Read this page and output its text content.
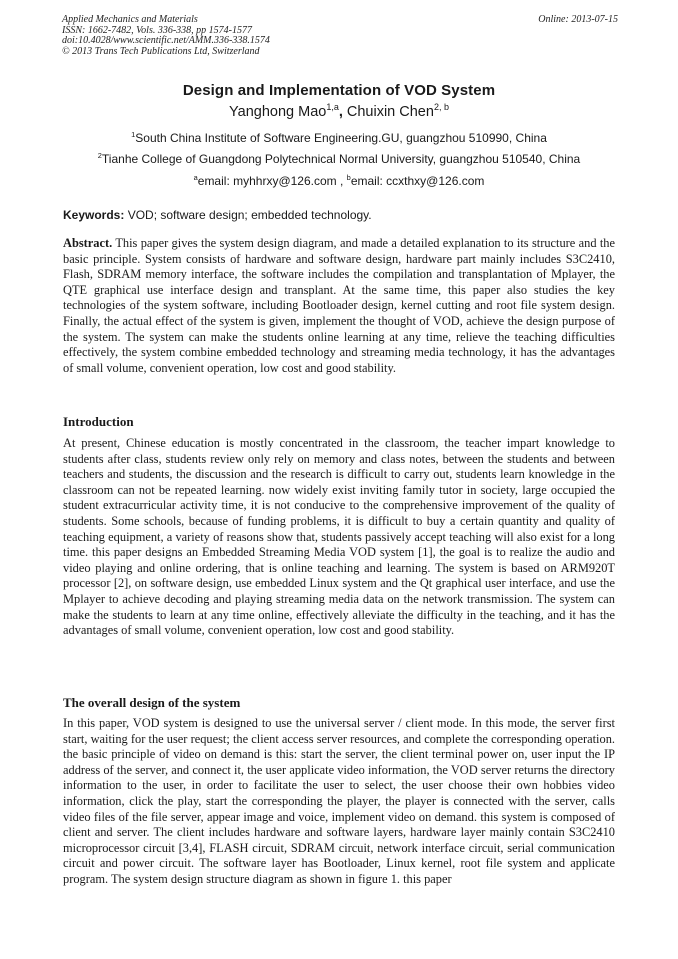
Applied Mechanics and Materials
ISSN: 1662-7482, Vols. 336-338, pp 1574-1577
doi:10.4028/www.scientific.net/AMM.336-338.1574
© 2013 Trans Tech Publications Ltd, Switzerland
Online: 2013-07-15
Design and Implementation of VOD System
Yanghong Mao$^{1,a}$, Chuixin Chen$^{2, b}$
$^1$South China Institute of Software Engineering.GU, guangzhou 510990, China
$^2$Tianhe College of Guangdong Polytechnical Normal University, guangzhou 510540, China
$^a$email: myhhrxy@126.com , $^b$email: ccxthxy@126.com
Keywords: VOD; software design; embedded technology.

Abstract. This paper gives the system design diagram, and made a detailed explanation to its structure and the basic principle. System consists of hardware and software design, hardware part mainly includes S3C2410, Flash, SDRAM memory interface, the software includes the compilation and transplantation of Mplayer, the QTE graphical use interface design and transplant. At the same time, this paper also studies the key technologies of the system software, including Bootloader design, kernel cutting and root file system design. Finally, the actual effect of the system is given, implement the thought of VOD, achieve the design purpose of the system. The system can make the students online learning at any time, relieve the teaching difficulties effectively, the system combine embedded technology and streaming media technology, it has the advantages of small volume, convenient operation, low cost and good stability.

Introduction

At present, Chinese education is mostly concentrated in the classroom, the teacher impart knowledge to students after class, students review only rely on memory and class notes, between the students and between teachers and students, the discussion and the research is difficult to carry out, students learn knowledge in the classroom can not be repeated learning. now widely exist inviting family tutor in society, large occupied the student extracurricular activity time, it is not conducive to the comprehensive improvement of the quality of students. Some schools, because of funding problems, it is difficult to buy a certain quantity and quality of teaching equipment, a variety of reasons show that, students passively accept teaching will also exist for a long time. this paper designs an Embedded Streaming Media VOD system [1], the goal is to realize the audio and video playing and online ordering, that is online teaching and learning. The system is based on ARM920T processor [2], on software design, use embedded Linux system and the Qt graphical user interface, and use the Mplayer to achieve decoding and playing streaming media data on the network transmission. The system can make the students to learn at any time online, effectively alleviate the difficulty in the teaching, and it has the advantages of small volume, convenient operation, low cost and good stability.

The overall design of the system

In this paper, VOD system is designed to use the universal server / client mode. In this mode, the server first start, waiting for the user request; the client access server resources, and complete the corresponding operation. the basic principle of video on demand is this: start the server, the client terminal power on, user input the IP address of the server, and connect it, the user applicate video information, the VOD server returns the directory information to the user, in order to facilitate the user to select, the user choose their own hobbies video information, click the play, start the corresponding the player, the player is connected with the server, calls video files of the file server, appear image and voice, implement video on demand. this system is composed of client and server. The client includes hardware and software layers, hardware layer mainly contain S3C2410 microprocessor circuit [3,4], FLASH circuit, SDRAM circuit, network interface circuit, serial communication circuit and power circuit. The software layer has Bootloader, Linux kernel, root file system and applicate program. The system design structure diagram as shown in figure 1. this paper
